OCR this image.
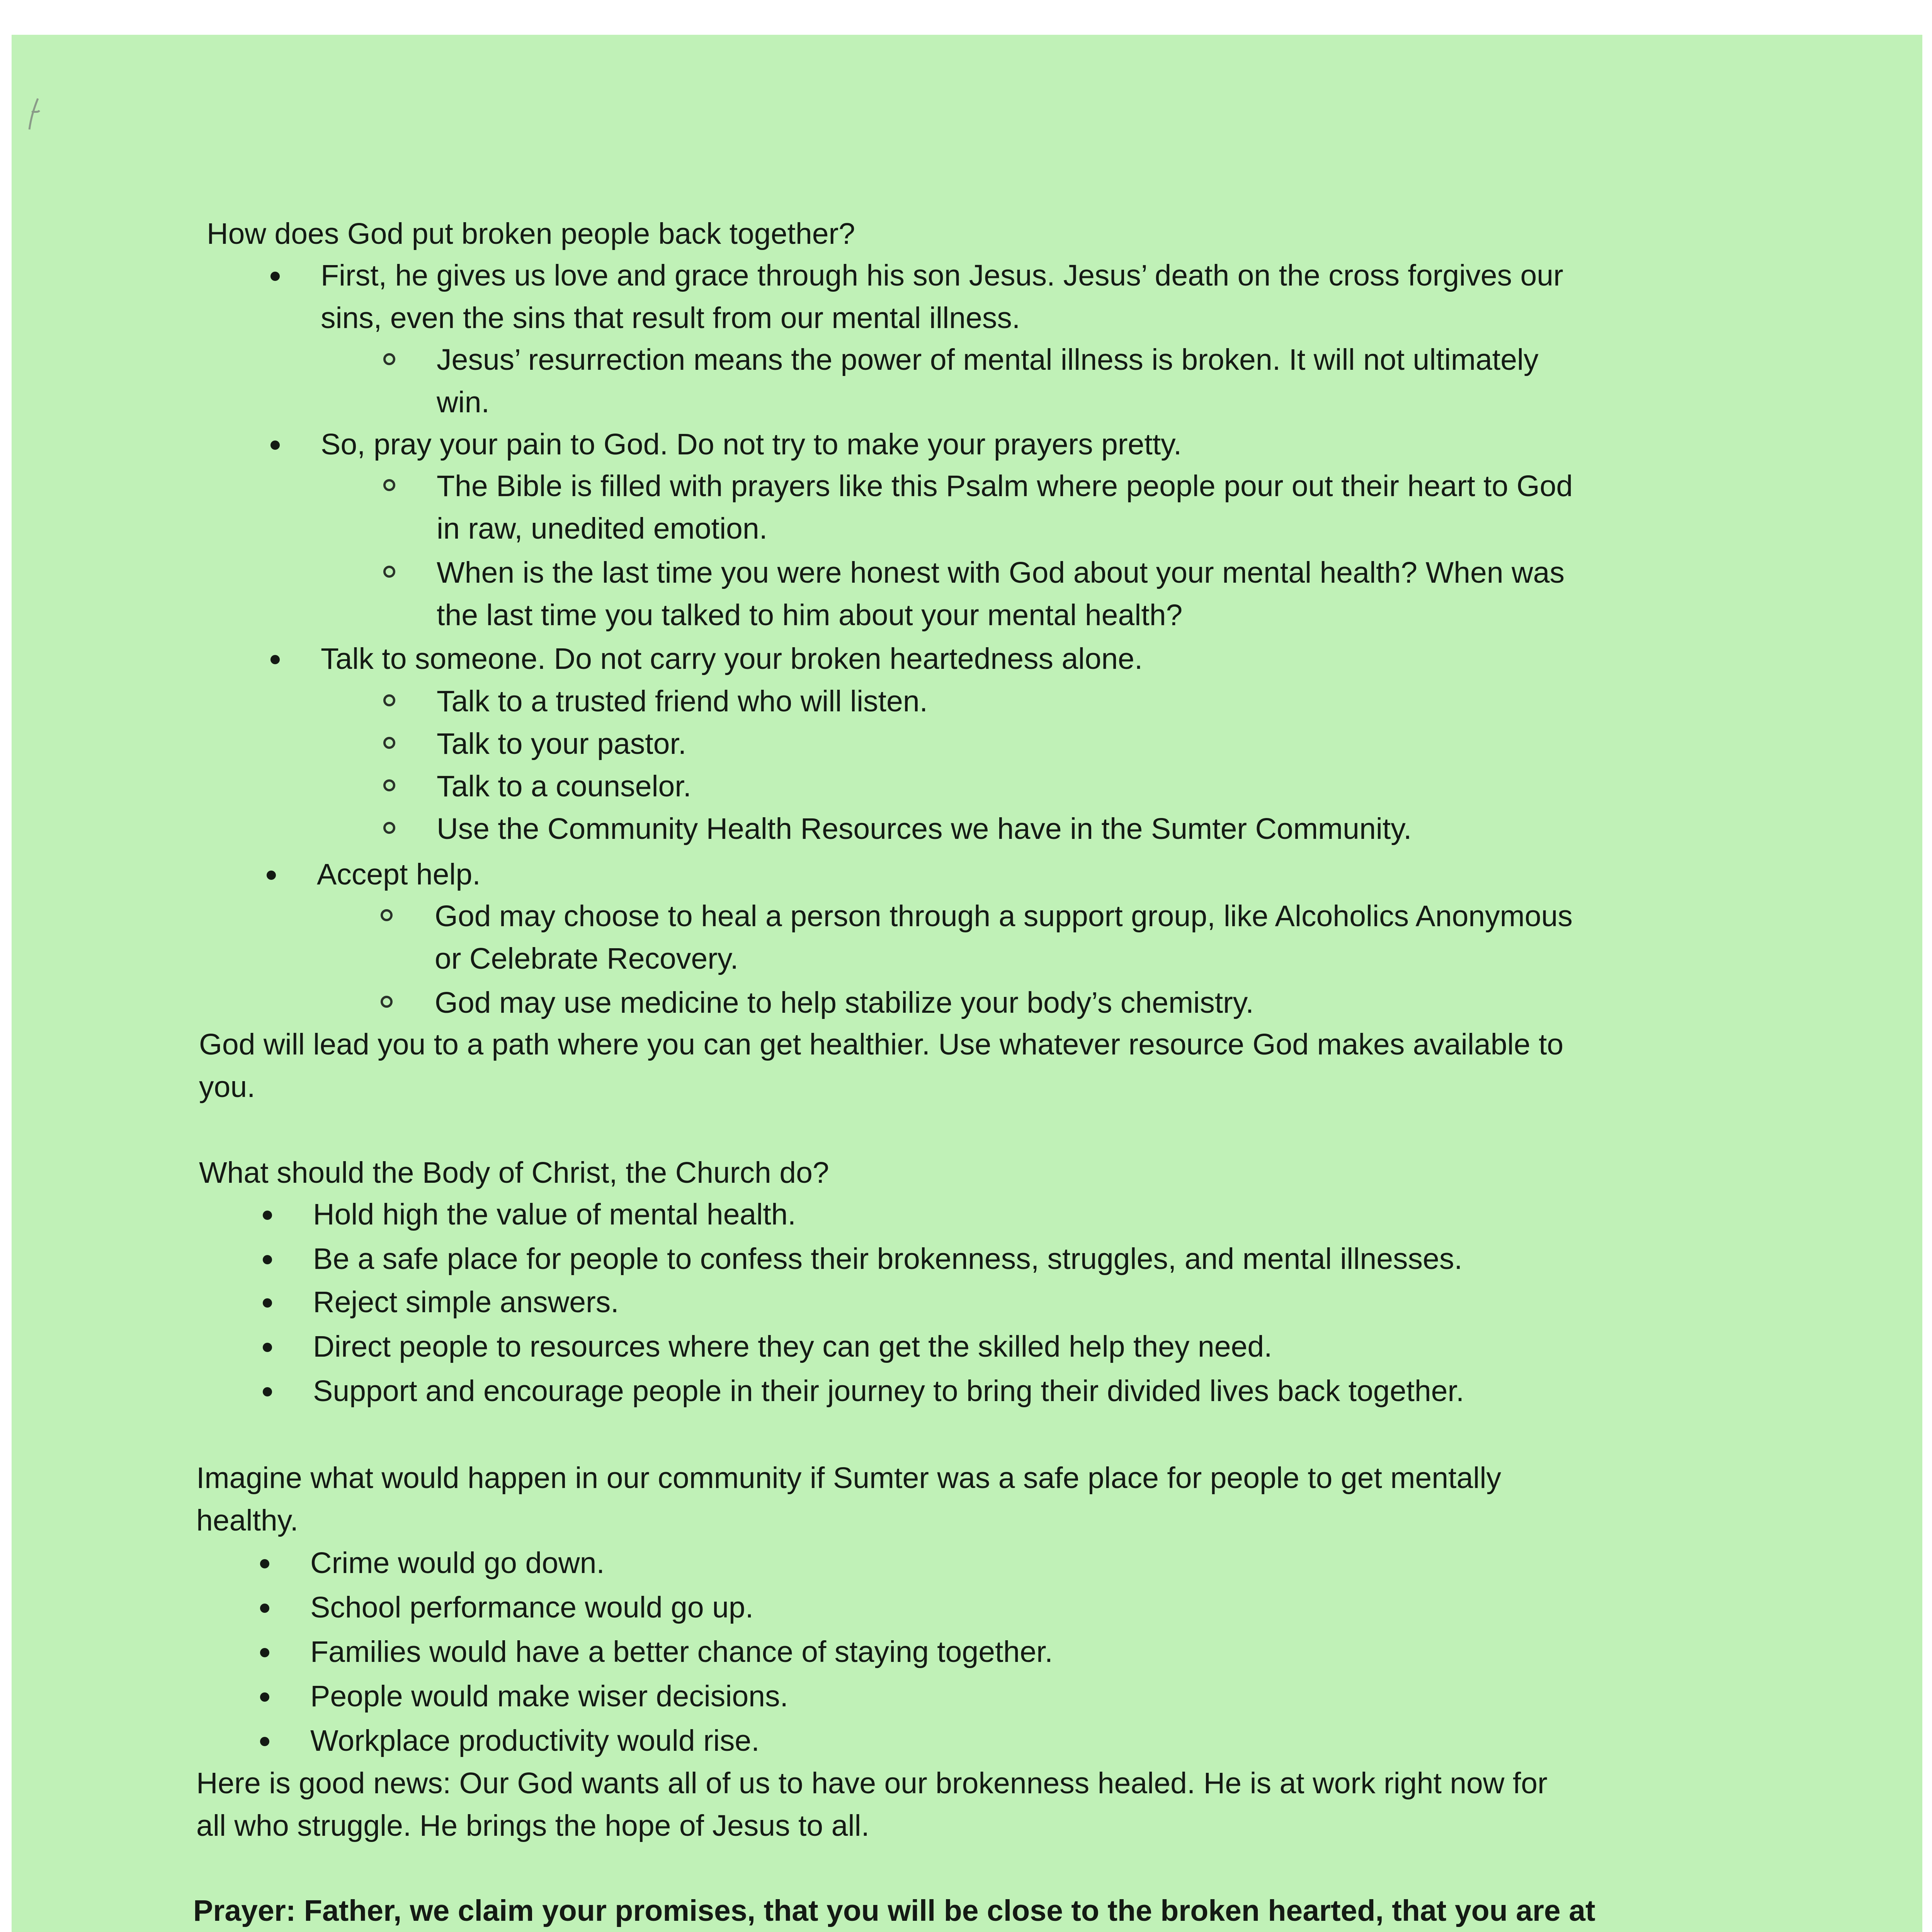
How does God put broken people back together?
First, he gives us love and grace through his son Jesus. Jesus’ death on the cross forgives our
sins, even the sins that result from our mental illness.
Jesus’ resurrection means the power of mental illness is broken. It will not ultimately
win.
So, pray your pain to God. Do not try to make your prayers pretty.
The Bible is filled with prayers like this Psalm where people pour out their heart to God
in raw, unedited emotion.
When is the last time you were honest with God about your mental health? When was
the last time you talked to him about your mental health?
Talk to someone. Do not carry your broken heartedness alone.
Talk to a trusted friend who will listen.
Talk to your pastor.
Talk to a counselor.
Use the Community Health Resources we have in the Sumter Community.
Accept help.
God may choose to heal a person through a support group, like Alcoholics Anonymous
or Celebrate Recovery.
God may use medicine to help stabilize your body’s chemistry.
God will lead you to a path where you can get healthier. Use whatever resource God makes available to
you.
What should the Body of Christ, the Church do?
Hold high the value of mental health.
Be a safe place for people to confess their brokenness, struggles, and mental illnesses.
Reject simple answers.
Direct people to resources where they can get the skilled help they need.
Support and encourage people in their journey to bring their divided lives back together.
Imagine what would happen in our community if Sumter was a safe place for people to get mentally
healthy.
Crime would go down.
School performance would go up.
Families would have a better chance of staying together.
People would make wiser decisions.
Workplace productivity would rise.
Here is good news: Our God wants all of us to have our brokenness healed. He is at work right now for
all who struggle. He brings the hope of Jesus to all.
Prayer: Father, we claim your promises, that you will be close to the broken hearted, that you are at
